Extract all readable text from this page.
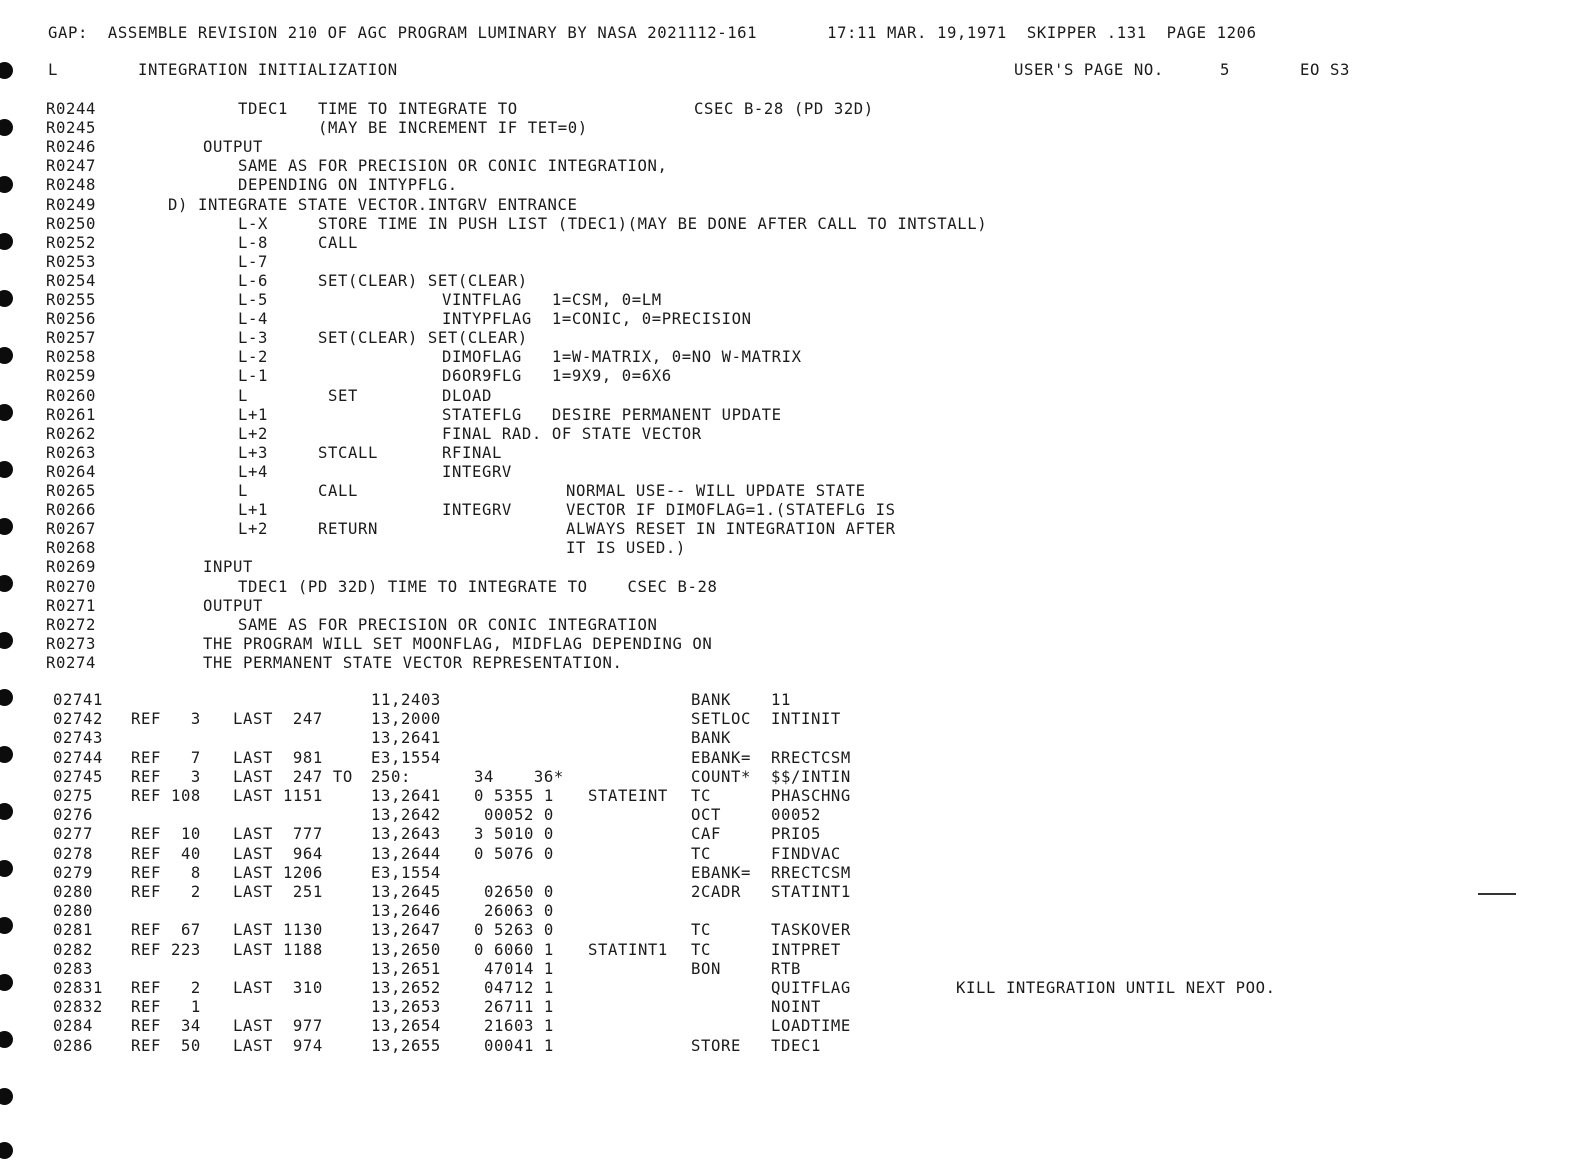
GAP:  ASSEMBLE REVISION 210 OF AGC PROGRAM LUMINARY BY NASA 2021112-161       17:11 MAR. 19,1971  SKIPPER .131  PAGE 1206

L

	INTEGRATION INITIALIZATION

	USER'S PAGE NO.

	5

	EO S3

R0244	TDEC1 TIME TO INTEGRATE TO	CSEC B-28 (PD 32D)
R0245	(MAY BE INCREMENT IF TET=0)
R0246	OUTPUT
R0247	SAME AS FOR PRECISION OR CONIC INTEGRATION,
R0248	DEPENDING ON INTYPFLG.
R0249	D) INTEGRATE STATE VECTOR.INTGRV ENTRANCE
R0250	L-X	STORE TIME IN PUSH LIST (TDEC1)(MAY BE DONE AFTER CALL TO INTSTALL)
R0252	L-8	CALL
R0253	L-7
R0254	L-6	SET(CLEAR) SET(CLEAR)
R0255	L-5	VINTFLAG   1=CSM, 0=LM
R0256	L-4	INTYPFLAG  1=CONIC, 0=PRECISION
R0257	L-3	SET(CLEAR) SET(CLEAR)
R0258	L-2	DIMOFLAG   1=W-MATRIX, 0=NO W-MATRIX
R0259	L-1	D6OR9FLG   1=9X9, 0=6X6
R0260	L	SET	DLOAD
R0261	L+1	STATEFLG   DESIRE PERMANENT UPDATE
R0262	L+2	FINAL RAD. OF STATE VECTOR
R0263	L+3	STCALL	RFINAL
R0264	L+4	INTEGRV
R0265	L	CALL	NORMAL USE-- WILL UPDATE STATE
R0266	L+1	INTEGRV	VECTOR IF DIMOFLAG=1.(STATEFLG IS
R0267	L+2	RETURN	ALWAYS RESET IN INTEGRATION AFTER
R0268	IT IS USED.)
R0269	INPUT
R0270	TDEC1 (PD 32D) TIME TO INTEGRATE TO    CSEC B-28
R0271	OUTPUT
R0272	SAME AS FOR PRECISION OR CONIC INTEGRATION
R0273	THE PROGRAM WILL SET MOONFLAG, MIDFLAG DEPENDING ON
R0274	THE PERMANENT STATE VECTOR REPRESENTATION.
02741	11,2403	BANK	11
02742 REF   3 LAST  247	13,2000	SETLOC INTINIT
02743	13,2641	BANK
02744 REF   7 LAST  981	E3,1554	EBANK= RRECTCSM
02745 REF   3 LAST  247 TO 250:	34    36*	COUNT* $$/INTIN
0275 REF 108 LAST 1151	13,2641 0 5355 1 STATEINT TC	PHASCHNG
0276	13,2642 00052 0	OCT	00052
0277 REF  10 LAST  777	13,2643 3 5010 0	CAF	PRIO5
0278 REF  40 LAST  964	13,2644 0 5076 0	TC	FINDVAC
0279 REF   8 LAST 1206	E3,1554	EBANK= RRECTCSM
0280 REF   2 LAST  251	13,2645 02650 0	2CADR STATINT1
0280	13,2646 26063 0
0281 REF  67 LAST 1130	13,2647 0 5263 0	TC	TASKOVER
0282 REF 223 LAST 1188	13,2650 0 6060 1 STATINT1 TC	INTPRET
0283	13,2651 47014 1	BON	RTB
02831 REF   2 LAST  310	13,2652 04712 1	QUITFLAG	KILL INTEGRATION UNTIL NEXT POO.
02832 REF   1	13,2653 26711 1	NOINT
0284 REF  34 LAST  977	13,2654 21603 1	LOADTIME
0286 REF  50 LAST  974	13,2655 00041 1	STORE TDEC1
